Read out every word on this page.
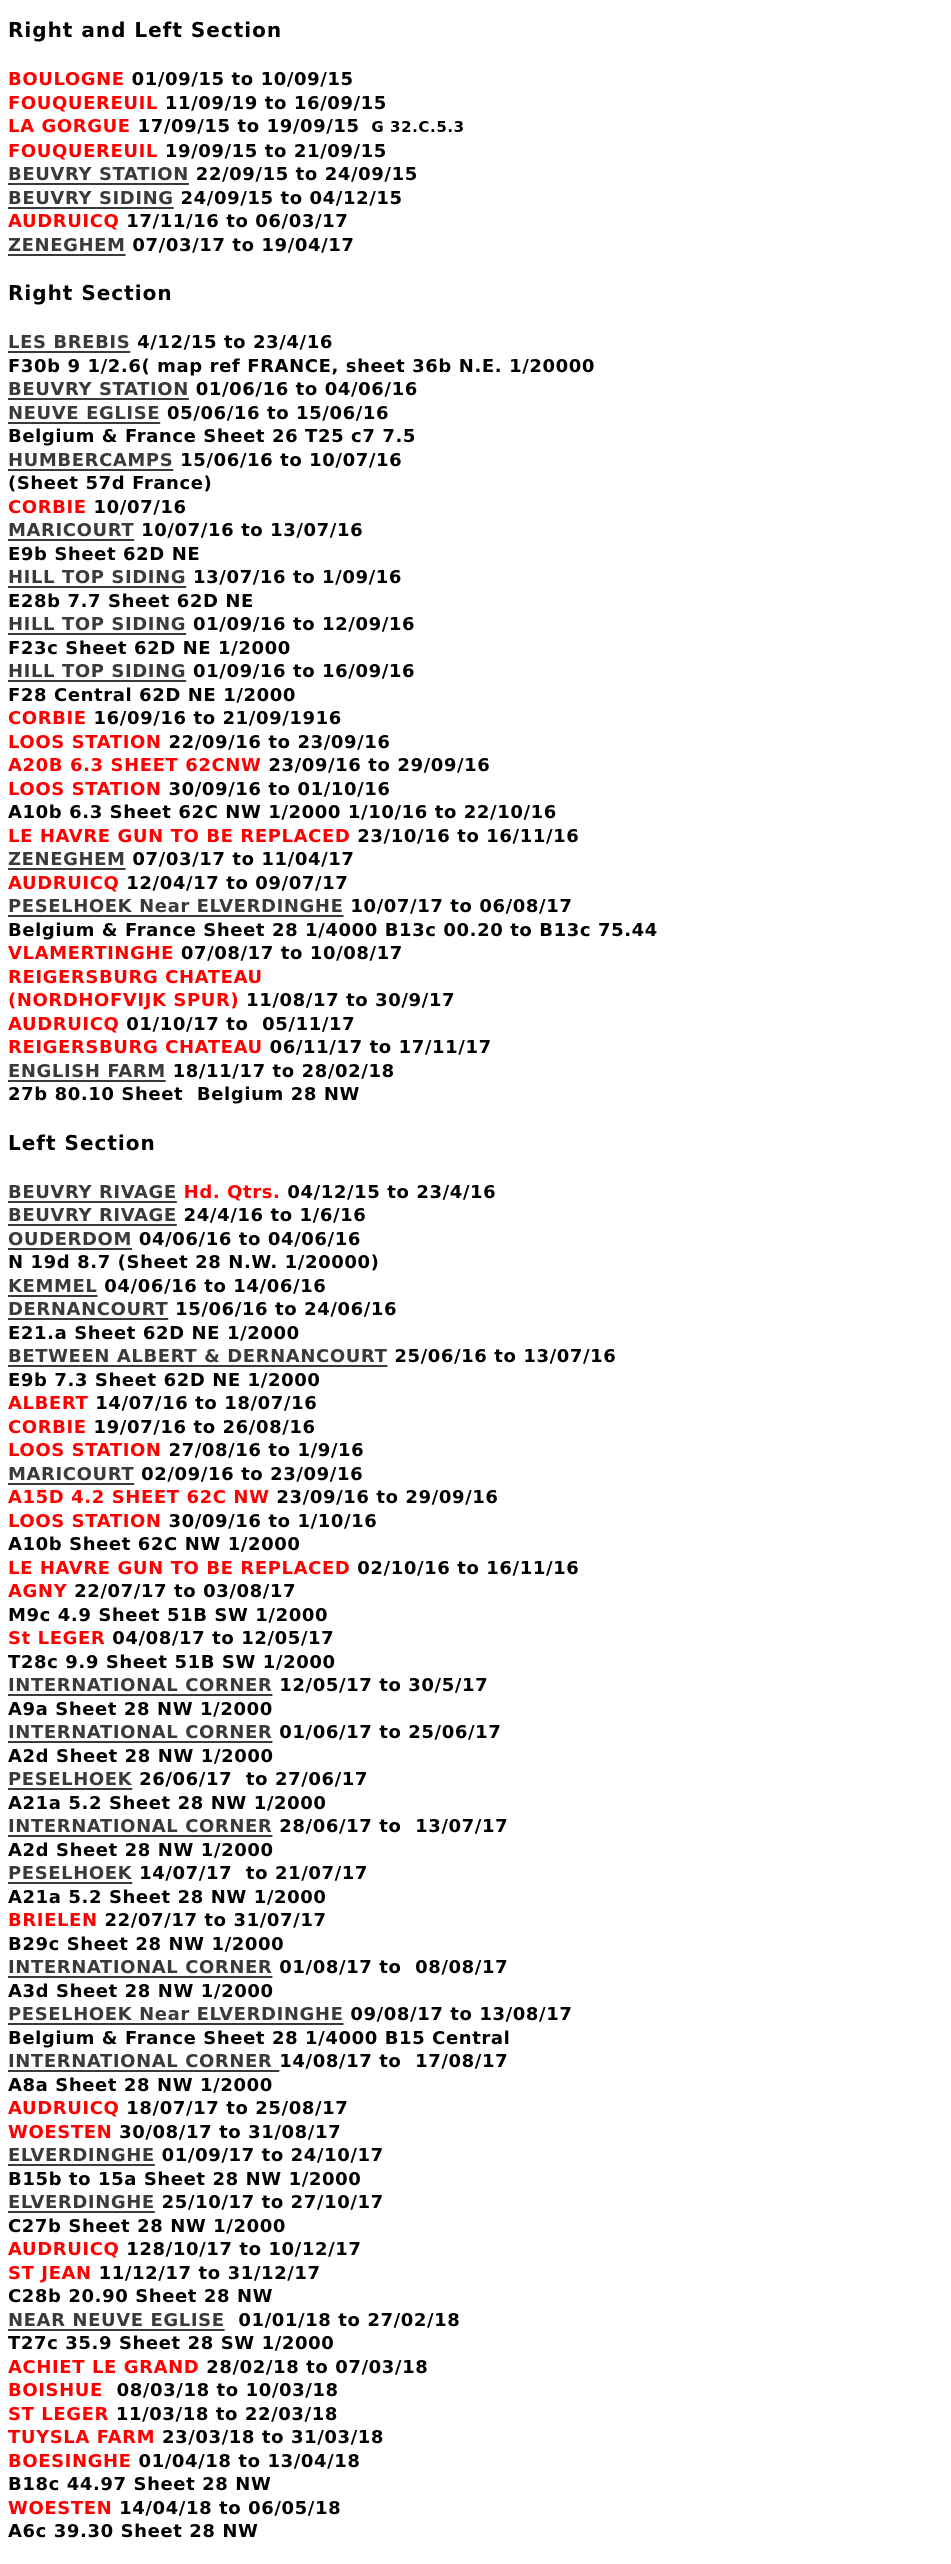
Right and Left Section
BOULOGNE 01/09/15 to 10/09/15
FOUQUEREUIL 11/09/19 to 16/09/15
LA GORGUE 17/09/15 to 19/09/15  G 32.C.5.3
FOUQUEREUIL 19/09/15 to 21/09/15
BEUVRY STATION 22/09/15 to 24/09/15
BEUVRY SIDING 24/09/15 to 04/12/15
AUDRUICQ 17/11/16 to 06/03/17
ZENEGHEM 07/03/17 to 19/04/17
Right Section
LES BREBIS 4/12/15 to 23/4/16
F30b 9 1/2.6( map ref FRANCE, sheet 36b N.E. 1/20000
BEUVRY STATION 01/06/16 to 04/06/16
NEUVE EGLISE 05/06/16 to 15/06/16
Belgium & France Sheet 26 T25 c7 7.5
HUMBERCAMPS 15/06/16 to 10/07/16
(Sheet 57d France)
CORBIE 10/07/16
MARICOURT 10/07/16 to 13/07/16
E9b Sheet 62D NE
HILL TOP SIDING 13/07/16 to 1/09/16
E28b 7.7 Sheet 62D NE
HILL TOP SIDING 01/09/16 to 12/09/16
F23c Sheet 62D NE 1/2000
HILL TOP SIDING 01/09/16 to 16/09/16
F28 Central 62D NE 1/2000
CORBIE 16/09/16 to 21/09/1916
LOOS STATION 22/09/16 to 23/09/16
A20B 6.3 SHEET 62CNW 23/09/16 to 29/09/16
LOOS STATION 30/09/16 to 01/10/16
A10b 6.3 Sheet 62C NW 1/2000 1/10/16 to 22/10/16
LE HAVRE GUN TO BE REPLACED 23/10/16 to 16/11/16
ZENEGHEM 07/03/17 to 11/04/17
AUDRUICQ 12/04/17 to 09/07/17
PESELHOEK Near ELVERDINGHE 10/07/17 to 06/08/17
Belgium & France Sheet 28 1/4000 B13c 00.20 to B13c 75.44
VLAMERTINGHE 07/08/17 to 10/08/17
REIGERSBURG CHATEAU
(NORDHOFVIJK SPUR) 11/08/17 to 30/9/17
AUDRUICQ 01/10/17 to  05/11/17
REIGERSBURG CHATEAU 06/11/17 to 17/11/17
ENGLISH FARM 18/11/17 to 28/02/18
27b 80.10 Sheet  Belgium 28 NW
Left Section
BEUVRY RIVAGE Hd. Qtrs. 04/12/15 to 23/4/16
BEUVRY RIVAGE 24/4/16 to 1/6/16
OUDERDOM 04/06/16 to 04/06/16
N 19d 8.7 (Sheet 28 N.W. 1/20000)
KEMMEL 04/06/16 to 14/06/16
DERNANCOURT 15/06/16 to 24/06/16
E21.a Sheet 62D NE 1/2000
BETWEEN ALBERT & DERNANCOURT 25/06/16 to 13/07/16
E9b 7.3 Sheet 62D NE 1/2000
ALBERT 14/07/16 to 18/07/16
CORBIE 19/07/16 to 26/08/16
LOOS STATION 27/08/16 to 1/9/16
MARICOURT 02/09/16 to 23/09/16
A15D 4.2 SHEET 62C NW 23/09/16 to 29/09/16
LOOS STATION 30/09/16 to 1/10/16
A10b Sheet 62C NW 1/2000
LE HAVRE GUN TO BE REPLACED 02/10/16 to 16/11/16
AGNY 22/07/17 to 03/08/17
M9c 4.9 Sheet 51B SW 1/2000
St LEGER 04/08/17 to 12/05/17
T28c 9.9 Sheet 51B SW 1/2000
INTERNATIONAL CORNER 12/05/17 to 30/5/17
A9a Sheet 28 NW 1/2000
INTERNATIONAL CORNER 01/06/17 to 25/06/17
A2d Sheet 28 NW 1/2000
PESELHOEK 26/06/17  to 27/06/17
A21a 5.2 Sheet 28 NW 1/2000
INTERNATIONAL CORNER 28/06/17 to  13/07/17
A2d Sheet 28 NW 1/2000
PESELHOEK 14/07/17  to 21/07/17
A21a 5.2 Sheet 28 NW 1/2000
BRIELEN 22/07/17 to 31/07/17
B29c Sheet 28 NW 1/2000
INTERNATIONAL CORNER 01/08/17 to  08/08/17
A3d Sheet 28 NW 1/2000
PESELHOEK Near ELVERDINGHE 09/08/17 to 13/08/17
Belgium & France Sheet 28 1/4000 B15 Central
INTERNATIONAL CORNER 14/08/17 to  17/08/17
A8a Sheet 28 NW 1/2000
AUDRUICQ 18/07/17 to 25/08/17
WOESTEN 30/08/17 to 31/08/17
ELVERDINGHE 01/09/17 to 24/10/17
B15b to 15a Sheet 28 NW 1/2000
ELVERDINGHE 25/10/17 to 27/10/17
C27b Sheet 28 NW 1/2000
AUDRUICQ 128/10/17 to 10/12/17
ST JEAN 11/12/17 to 31/12/17
C28b 20.90 Sheet 28 NW
NEAR NEUVE EGLISE  01/01/18 to 27/02/18
T27c 35.9 Sheet 28 SW 1/2000
ACHIET LE GRAND 28/02/18 to 07/03/18
BOISHUE  08/03/18 to 10/03/18
ST LEGER 11/03/18 to 22/03/18
TUYSLA FARM 23/03/18 to 31/03/18
BOESINGHE 01/04/18 to 13/04/18
B18c 44.97 Sheet 28 NW
WOESTEN 14/04/18 to 06/05/18
A6c 39.30 Sheet 28 NW
